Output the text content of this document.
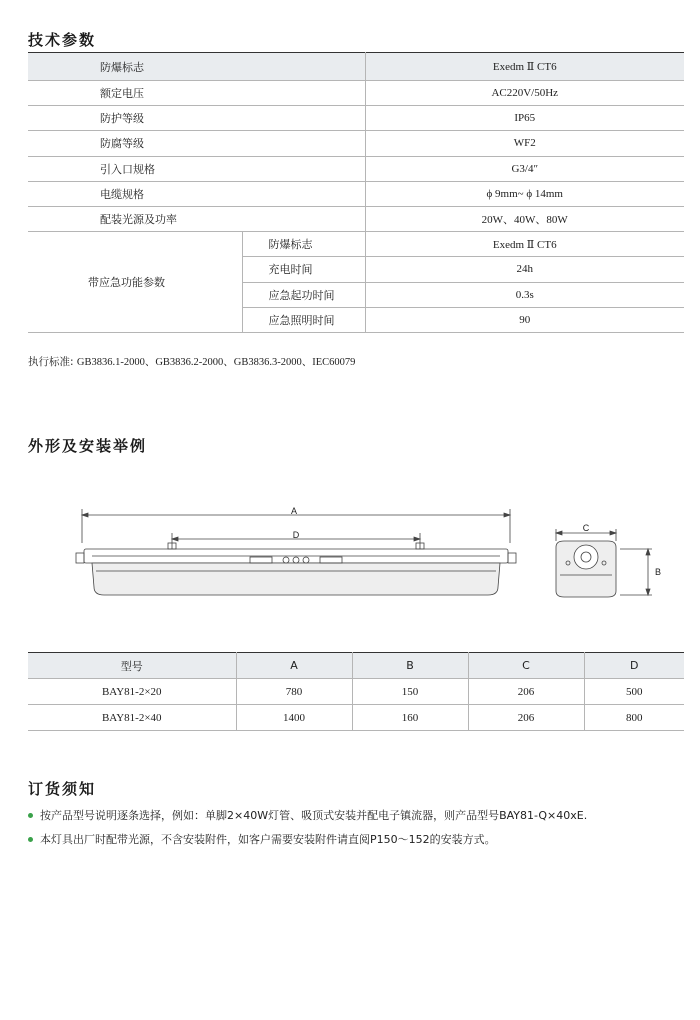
技术参数
防爆标志		Exedm Ⅱ CT6
额定电压		AC220V/50Hz
防护等级		IP65
防腐等级		WF2
引入口规格		G3/4″
电缆规格		ϕ 9mm~ ϕ 14mm
配装光源及功率		20W、40W、80W
带应急功能参数	防爆标志	Exedm Ⅱ CT6
	充电时间	24h
	应急起功时间	0.3s
	应急照明时间	90
执行标准: GB3836.1-2000、GB3836.2-2000、GB3836.3-2000、IEC60079
外形及安装举例
A
D
C
B
型号	A	B	C	D
BAY81-2×20	780	150	206	500
BAY81-2×40	1400	160	206	800
订货须知
按产品型号说明逐条选择，例如：单脚2×40W灯管、吸顶式安装并配电子镇流器，则产品型号BAY81-Q×40xE.
本灯具出厂时配带光源，不含安装附件，如客户需要安装附件请直阅P150～152的安装方式。
